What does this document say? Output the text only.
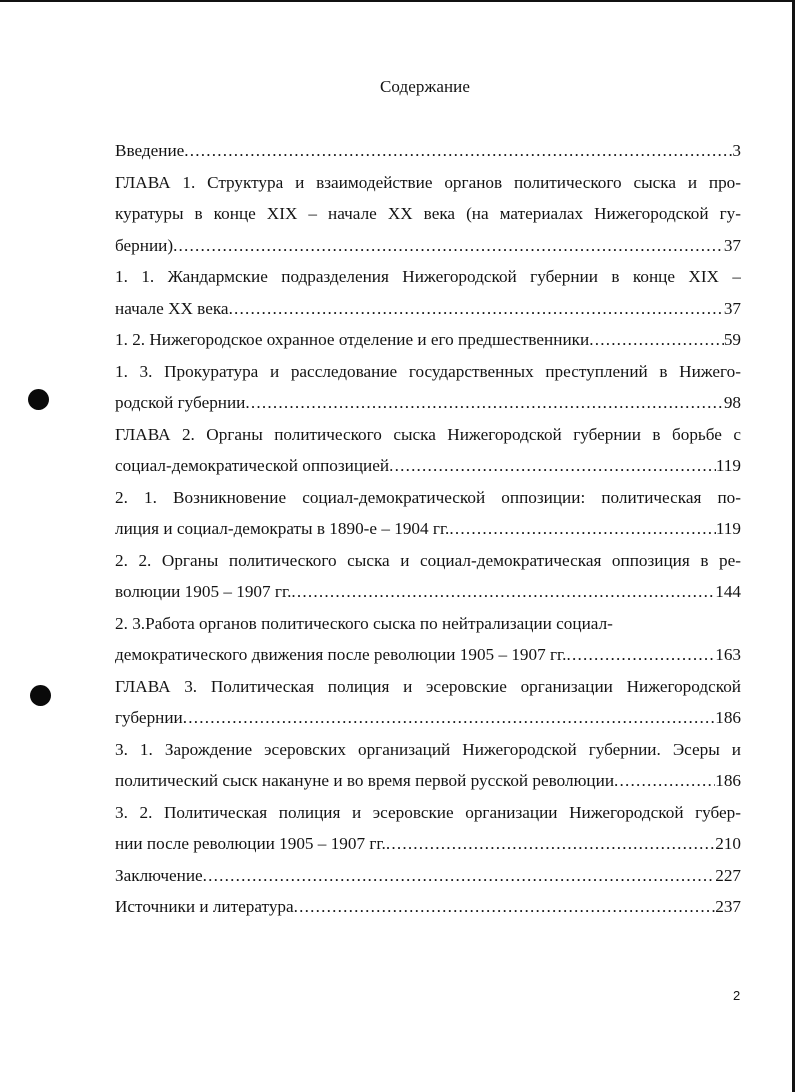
Содержание
Введение .....	3
ГЛАВА 1. Структура и взаимодействие органов политического сыска и про-
куратуры в конце XIX – начале XX века (на материалах Нижегородской гу-
бернии) .....	37
1. 1. Жандармские подразделения Нижегородской губернии в конце XIX –
начале XX века .....	37
1. 2. Нижегородское охранное отделение и его предшественники .....	59
1. 3. Прокуратура и расследование государственных преступлений в Нижего-
родской губернии .....	98
ГЛАВА 2. Органы политического сыска Нижегородской губернии в борьбе с
социал-демократической оппозицией .....	119
2. 1. Возникновение социал-демократической оппозиции: политическая по-
лиция и социал-демократы в 1890-е – 1904 гг. .....	119
2. 2. Органы политического сыска и социал-демократическая оппозиция в ре-
волюции 1905 – 1907 гг. .....	144
2. 3.Работа органов политического сыска по нейтрализации социал-
демократического движения после революции 1905 – 1907 гг. .....	163
ГЛАВА 3. Политическая полиция и эсеровские организации Нижегородской
губернии .....	186
3. 1. Зарождение эсеровских организаций Нижегородской губернии. Эсеры и
политический сыск накануне и во время первой русской революции .....	186
3. 2. Политическая полиция и эсеровские организации Нижегородской губер-
нии после революции 1905 – 1907 гг. .....	210
Заключение .....	227
Источники и литература .....	237
2
